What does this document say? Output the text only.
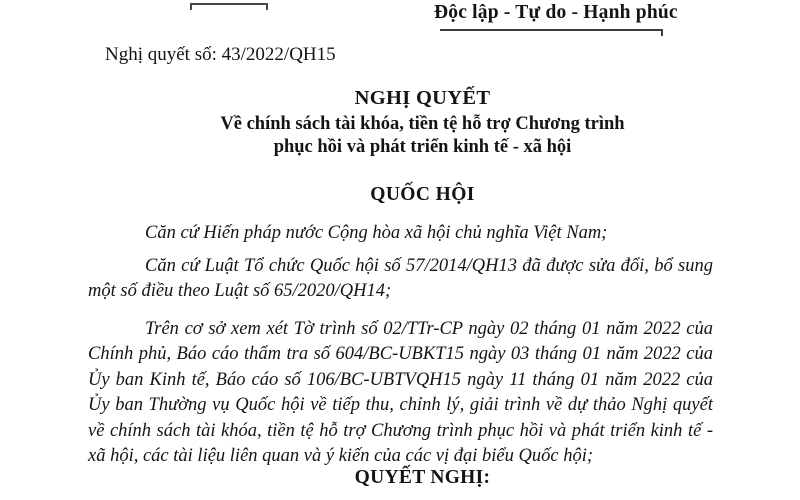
Độc lập - Tự do - Hạnh phúc
Nghị quyết số: 43/2022/QH15

NGHỊ QUYẾT

Về chính sách tài khóa, tiền tệ hỗ trợ Chương trình

phục hồi và phát triển kinh tế - xã hội

QUỐC HỘI

Căn cứ Hiến pháp nước Cộng hòa xã hội chủ nghĩa Việt Nam;

Căn cứ Luật Tổ chức Quốc hội số 57/2014/QH13 đã được sửa đổi, bổ sung một số điều theo Luật số 65/2020/QH14;

Trên cơ sở xem xét Tờ trình số 02/TTr-CP ngày 02 tháng 01 năm 2022 của Chính phủ, Báo cáo thẩm tra số 604/BC-UBKT15 ngày 03 tháng 01 năm 2022 của Ủy ban Kinh tế, Báo cáo số 106/BC-UBTVQH15 ngày 11 tháng 01 năm 2022 của Ủy ban Thường vụ Quốc hội về tiếp thu, chỉnh lý, giải trình về dự thảo Nghị quyết về chính sách tài khóa, tiền tệ hỗ trợ Chương trình phục hồi và phát triển kinh tế - xã hội, các tài liệu liên quan và ý kiến của các vị đại biểu Quốc hội;

QUYẾT NGHỊ:
